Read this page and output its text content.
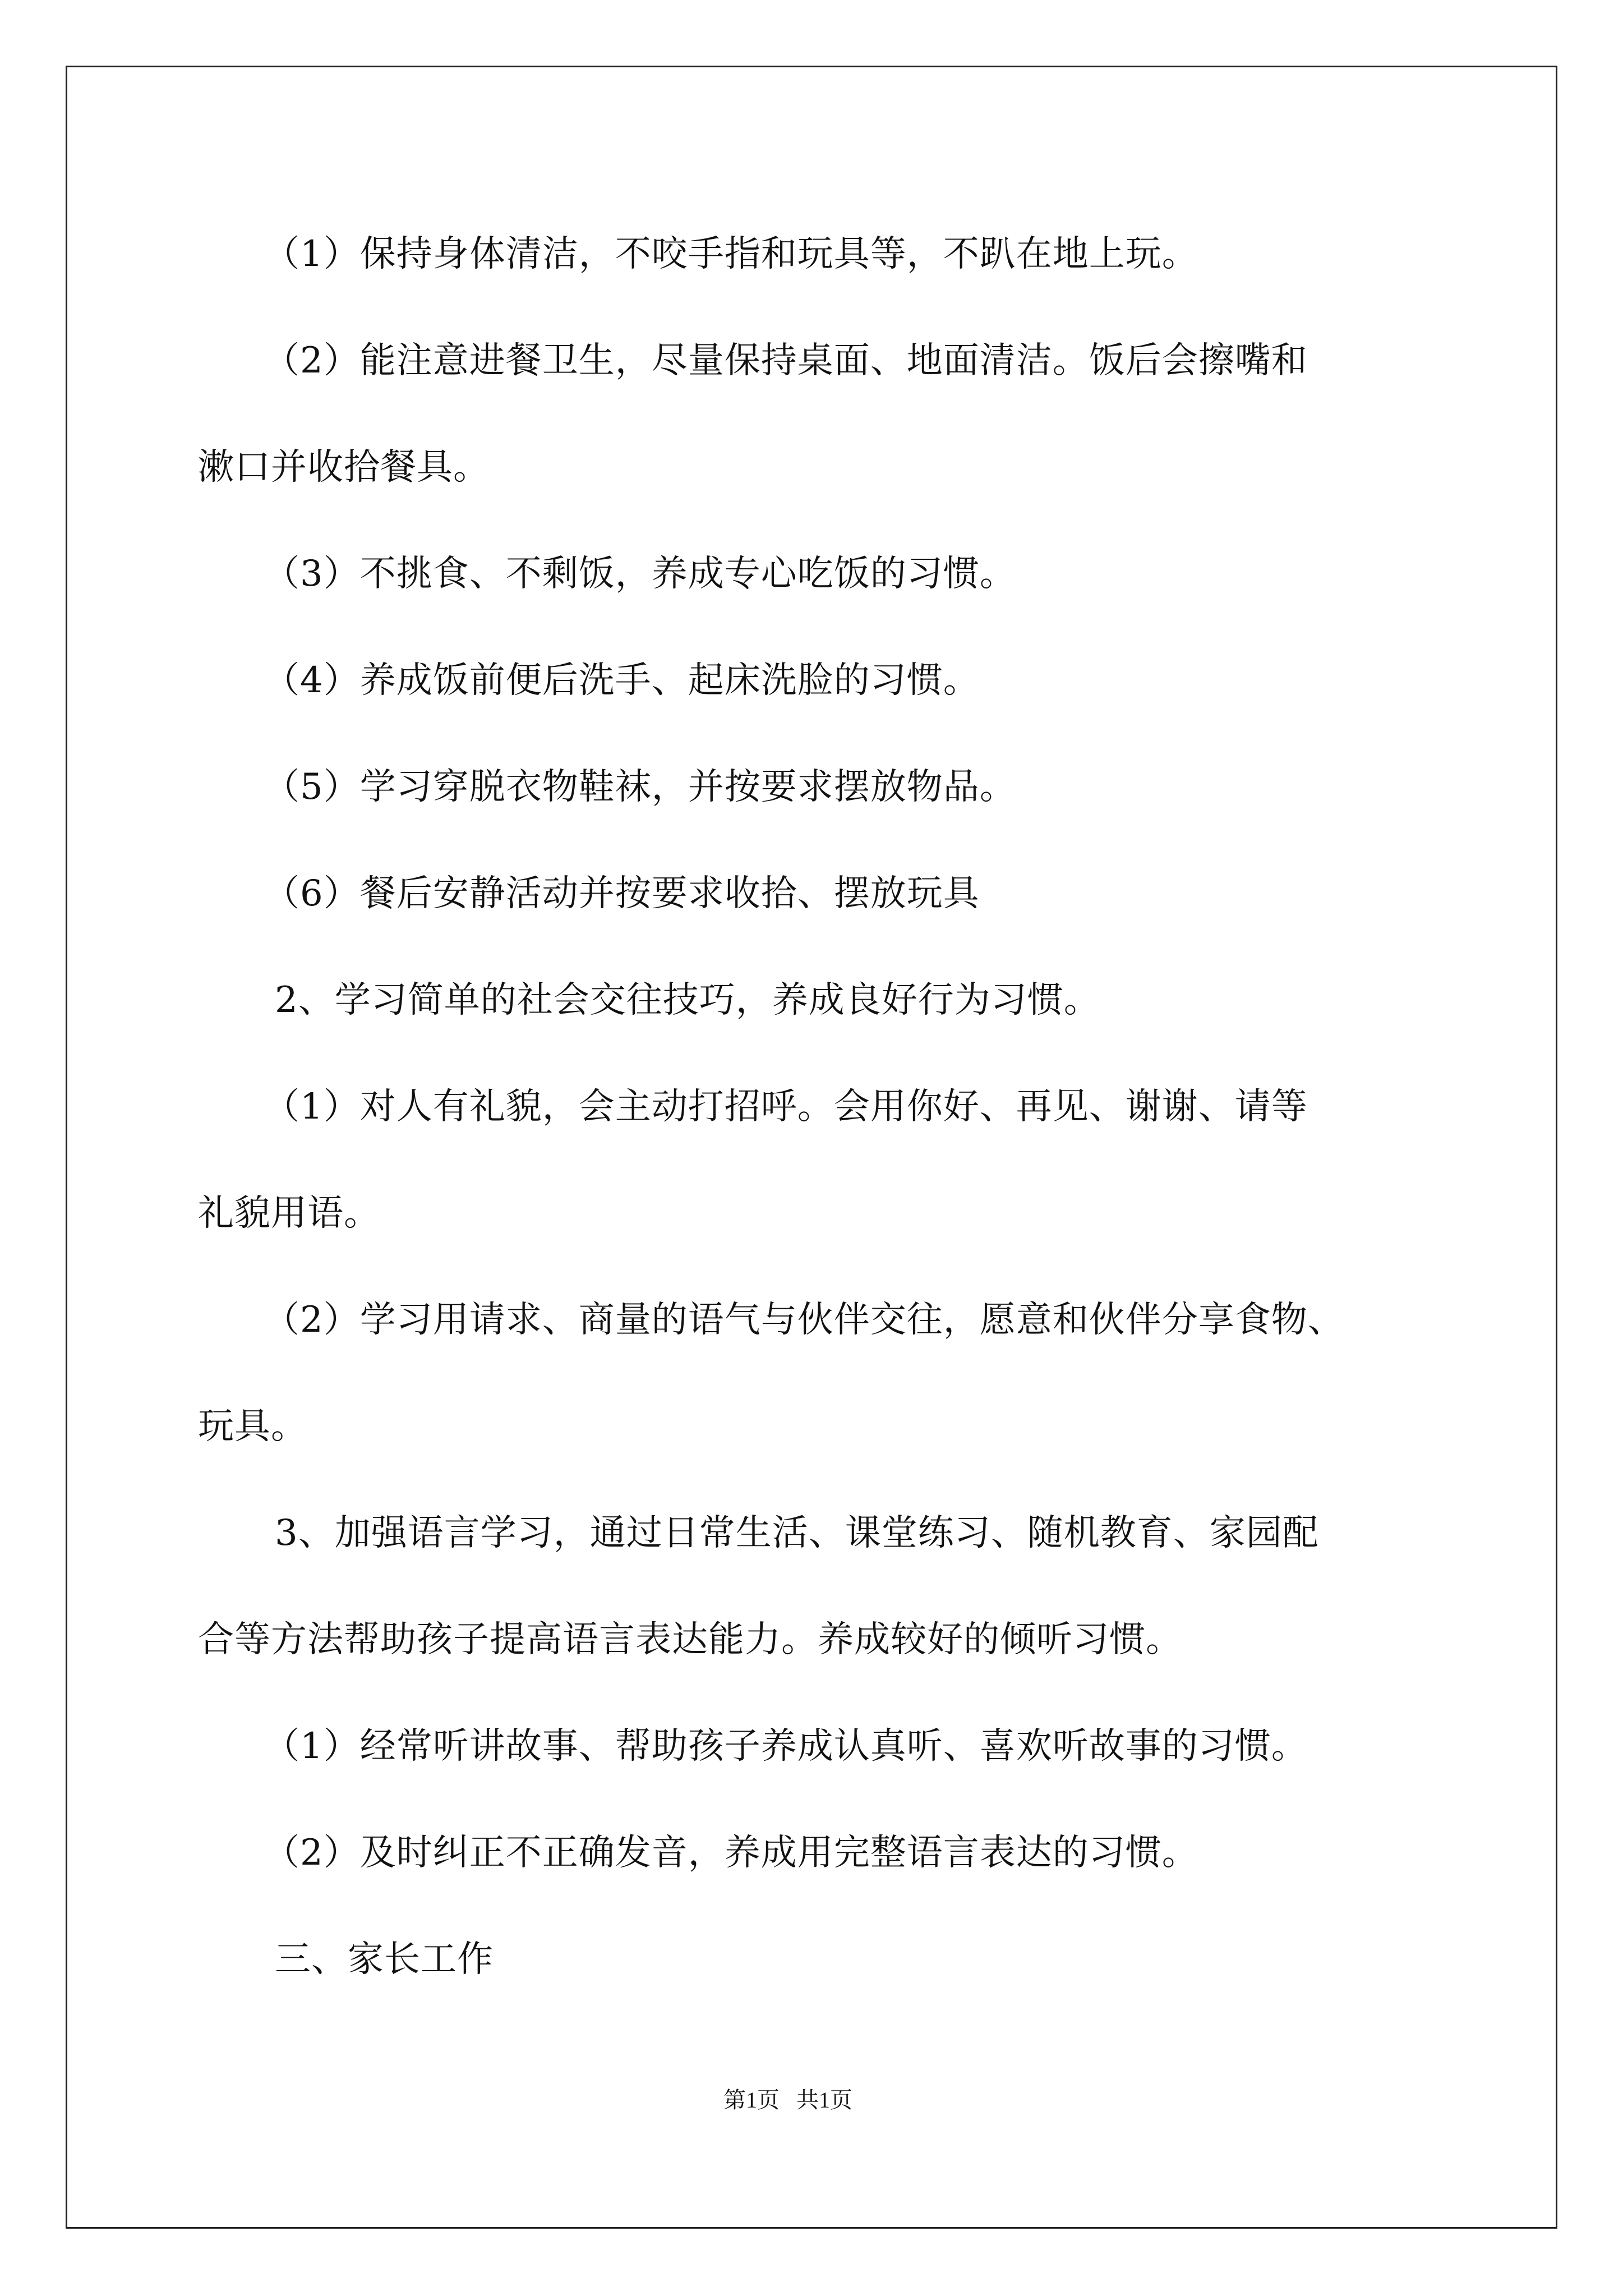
（1）保持身体清洁，不咬手指和玩具等，不趴在地上玩。
（2）能注意进餐卫生，尽量保持桌面、地面清洁。饭后会擦嘴和
漱口并收拾餐具。
（3）不挑食、不剩饭，养成专心吃饭的习惯。
（4）养成饭前便后洗手、起床洗脸的习惯。
（5）学习穿脱衣物鞋袜，并按要求摆放物品。
（6）餐后安静活动并按要求收拾、摆放玩具
2、学习简单的社会交往技巧，养成良好行为习惯。
（1）对人有礼貌，会主动打招呼。会用你好、再见、谢谢、请等
礼貌用语。
（2）学习用请求、商量的语气与伙伴交往，愿意和伙伴分享食物、
玩具。
3、加强语言学习，通过日常生活、课堂练习、随机教育、家园配
合等方法帮助孩子提高语言表达能力。养成较好的倾听习惯。
（1）经常听讲故事、帮助孩子养成认真听、喜欢听故事的习惯。
（2）及时纠正不正确发音，养成用完整语言表达的习惯。
三、家长工作
第1页   共1页
